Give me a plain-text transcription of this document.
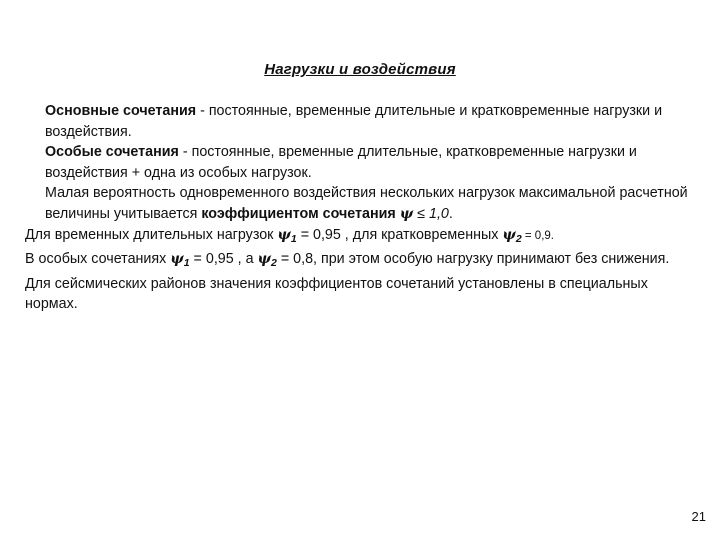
Нагрузки и воздействия

Основные сочетания - постоянные, временные длительные и кратковременные нагрузки и воздействия.

Особые сочетания - постоянные, временные длительные, кратковременные нагрузки и воздействия + одна из особых нагрузок.

Малая вероятность одновременного воздействия нескольких нагрузок максимальной расчетной величины учитывается коэффициентом сочетания ψ ≤ 1,0.

Для временных длительных нагрузок $\psi_1 = 0,95$ , для кратковременных $\psi_2 = 0,9$.

В особых сочетаниях $\psi_1 = 0,95$ , а $\psi_2 = 0,8$, при этом особую нагрузку принимают без снижения. Для сейсмических районов значения коэффициентов сочетаний установлены в специальных нормах.

21
